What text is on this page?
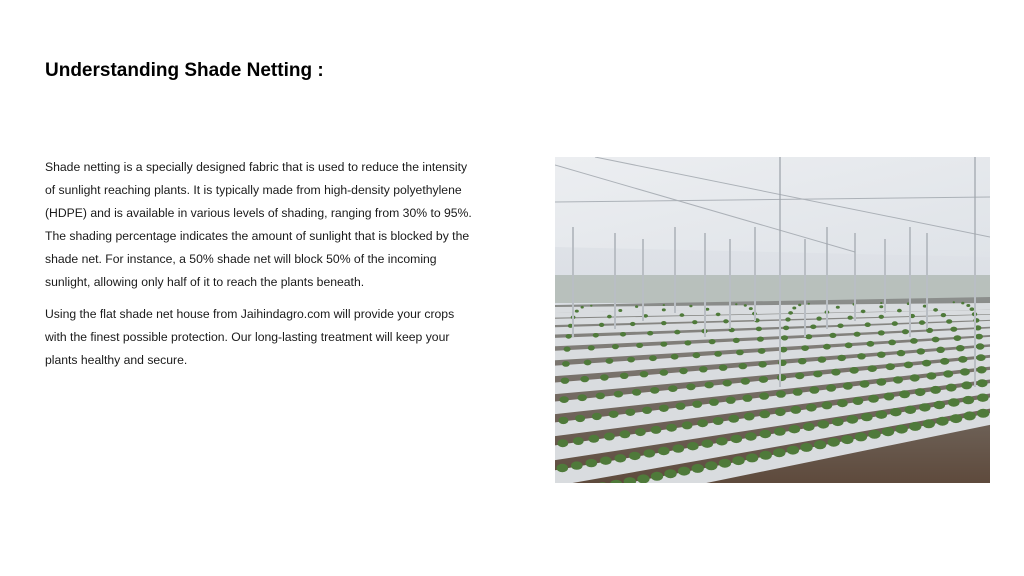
Understanding Shade Netting :

Shade netting is a specially designed fabric that is used to reduce the intensity of sunlight reaching plants. It is typically made from high-density polyethylene (HDPE) and is available in various levels of shading, ranging from 30% to 95%. The shading percentage indicates the amount of sunlight that is blocked by the shade net. For instance, a 50% shade net will block 50% of the incoming sunlight, allowing only half of it to reach the plants beneath.

Using the flat shade net house from Jaihindagro.com will provide your crops with the finest possible protection. Our long-lasting treatment will keep your plants healthy and secure.
